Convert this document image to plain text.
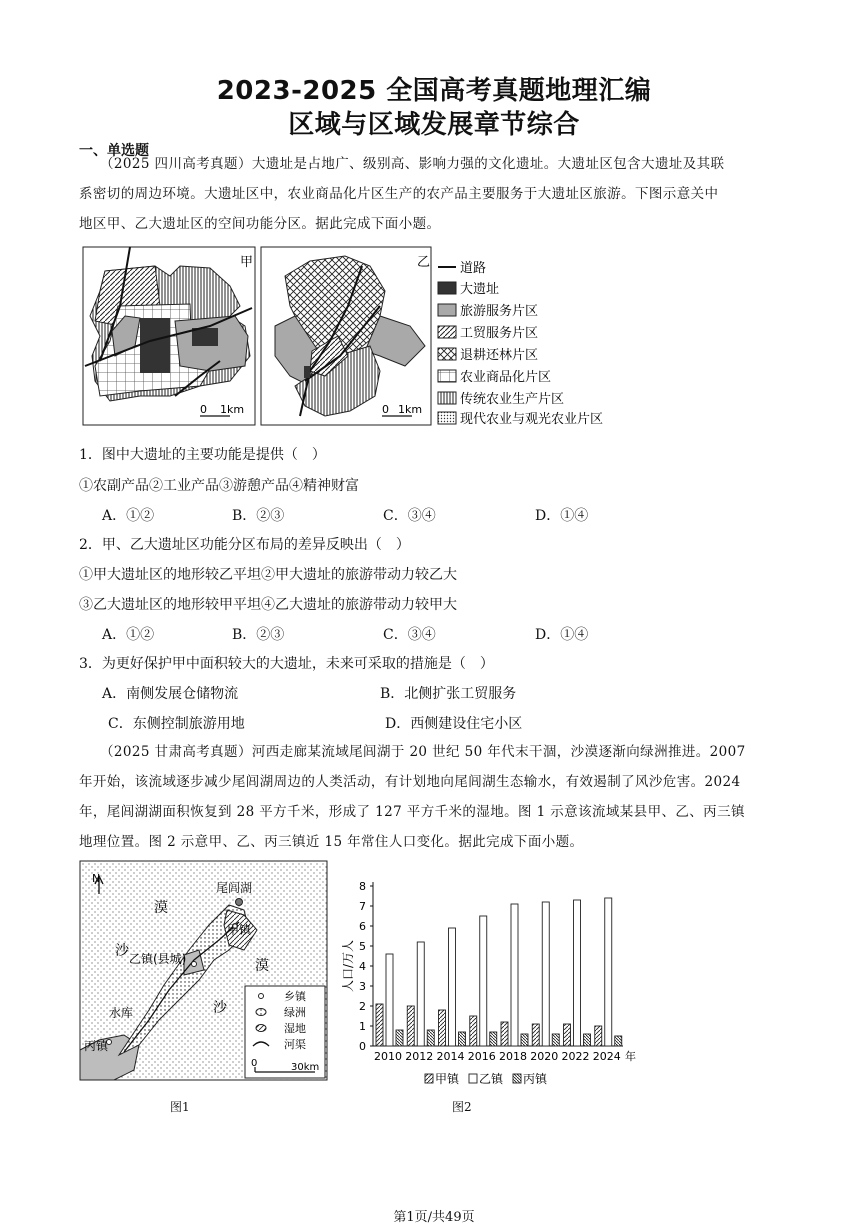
2023-2025 全国高考真题地理汇编
区域与区域发展章节综合
一、单选题
（2025 四川高考真题）大遗址是占地广、级别高、影响力强的文化遗址。大遗址区包含大遗址及其联
系密切的周边环境。大遗址区中，农业商品化片区生产的农产品主要服务于大遗址区旅游。下图示意关中
地区甲、乙大遗址区的空间功能分区。据此完成下面小题。
甲
0 1km
乙
0 1km
道路
大遗址
旅游服务片区
工贸服务片区
退耕还林片区
农业商品化片区
传统农业生产片区
现代农业与观光农业片区
1．图中大遗址的主要功能是提供（　）
①农副产品②工业产品③游憩产品④精神财富
A．①②	B．②③	C．③④	D．①④
2．甲、乙大遗址区功能分区布局的差异反映出（　）
①甲大遗址区的地形较乙平坦②甲大遗址的旅游带动力较乙大
③乙大遗址区的地形较甲平坦④乙大遗址的旅游带动力较甲大
A．①②	B．②③	C．③④	D．①④
3．为更好保护甲中面积较大的大遗址，未来可采取的措施是（　）
A．南侧发展仓储物流	B．北侧扩张工贸服务
C．东侧控制旅游用地	D．西侧建设住宅小区
（2025 甘肃高考真题）河西走廊某流域尾闾湖于 20 世纪 50 年代末干涸，沙漠逐渐向绿洲推进。2007
年开始，该流域逐步减少尾闾湖周边的人类活动，有计划地向尾闾湖生态输水，有效遏制了风沙危害。2024
年，尾闾湖湖面积恢复到 28 平方千米，形成了 127 平方千米的湿地。图 1 示意该流域某县甲、乙、丙三镇
地理位置。图 2 示意甲、乙、丙三镇近 15 年常住人口变化。据此完成下面小题。
N
尾闾湖
甲镇
乙镇(县城)
水库
丙镇
漠
沙
漠
沙
乡镇
绿洲
湿地
河渠
0	30km
图1
0
1
2
3
4
5
6
7
8
人口/万人
2010 2012 2014 2016 2018 2020 2022 2024 年
甲镇 乙镇 丙镇
图2
第1页/共49页
